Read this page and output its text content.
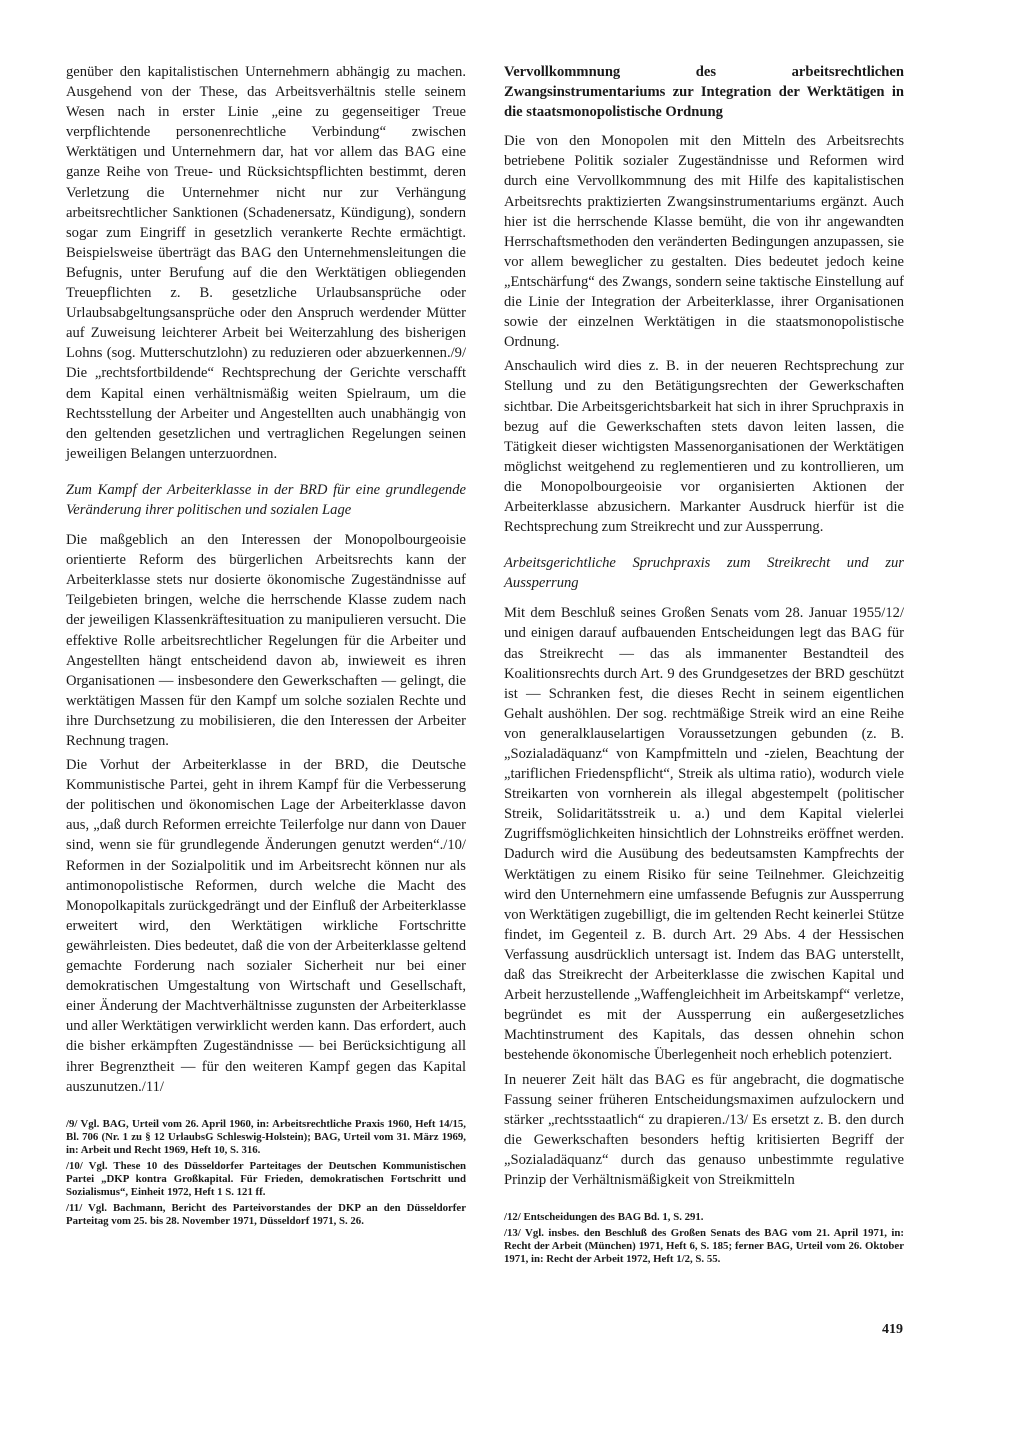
genüber den kapitalistischen Unternehmern abhängig zu machen. Ausgehend von der These, das Arbeitsverhältnis stelle seinem Wesen nach in erster Linie „eine zu gegenseitiger Treue verpflichtende personenrechtliche Verbindung“ zwischen Werktätigen und Unternehmern dar, hat vor allem das BAG eine ganze Reihe von Treue- und Rücksichtspflichten bestimmt, deren Verletzung die Unternehmer nicht nur zur Verhängung arbeitsrechtlicher Sanktionen (Schadenersatz, Kündigung), sondern sogar zum Eingriff in gesetzlich verankerte Rechte ermächtigt. Beispielsweise überträgt das BAG den Unternehmensleitungen die Befugnis, unter Berufung auf die den Werktätigen obliegenden Treuepflichten z. B. gesetzliche Urlaubsansprüche oder Urlaubsabgeltungsansprüche oder den Anspruch werdender Mütter auf Zuweisung leichterer Arbeit bei Weiterzahlung des bisherigen Lohns (sog. Mutterschutzlohn) zu reduzieren oder abzuerkennen./9/ Die „rechtsfortbildende“ Rechtsprechung der Gerichte verschafft dem Kapital einen verhältnismäßig weiten Spielraum, um die Rechtsstellung der Arbeiter und Angestellten auch unabhängig von den geltenden gesetzlichen und vertraglichen Regelungen seinen jeweiligen Belangen unterzuordnen.

Zum Kampf der Arbeiterklasse in der BRD für eine grundlegende Veränderung ihrer politischen und sozialen Lage

Die maßgeblich an den Interessen der Monopolbourgeoisie orientierte Reform des bürgerlichen Arbeitsrechts kann der Arbeiterklasse stets nur dosierte ökonomische Zugeständnisse auf Teilgebieten bringen, welche die herrschende Klasse zudem nach der jeweiligen Klassenkräftesituation zu manipulieren versucht. Die effektive Rolle arbeitsrechtlicher Regelungen für die Arbeiter und Angestellten hängt entscheidend davon ab, inwieweit es ihren Organisationen — insbesondere den Gewerkschaften — gelingt, die werktätigen Massen für den Kampf um solche sozialen Rechte und ihre Durchsetzung zu mobilisieren, die den Interessen der Arbeiter Rechnung tragen.

Die Vorhut der Arbeiterklasse in der BRD, die Deutsche Kommunistische Partei, geht in ihrem Kampf für die Verbesserung der politischen und ökonomischen Lage der Arbeiterklasse davon aus, „daß durch Reformen erreichte Teilerfolge nur dann von Dauer sind, wenn sie für grundlegende Änderungen genutzt werden“./10/ Reformen in der Sozialpolitik und im Arbeitsrecht können nur als antimonopolistische Reformen, durch welche die Macht des Monopolkapitals zurückgedrängt und der Einfluß der Arbeiterklasse erweitert wird, den Werktätigen wirkliche Fortschritte gewährleisten. Dies bedeutet, daß die von der Arbeiterklasse geltend gemachte Forderung nach sozialer Sicherheit nur bei einer demokratischen Umgestaltung von Wirtschaft und Gesellschaft, einer Änderung der Machtverhältnisse zugunsten der Arbeiterklasse und aller Werktätigen verwirklicht werden kann. Das erfordert, auch die bisher erkämpften Zugeständnisse — bei Berücksichtigung all ihrer Begrenztheit — für den weiteren Kampf gegen das Kapital auszunutzen./11/

/9/ Vgl. BAG, Urteil vom 26. April 1960, in: Arbeitsrechtliche Praxis 1960, Heft 14/15, Bl. 706 (Nr. 1 zu § 12 UrlaubsG Schleswig-Holstein); BAG, Urteil vom 31. März 1969, in: Arbeit und Recht 1969, Heft 10, S. 316.

/10/ Vgl. These 10 des Düsseldorfer Parteitages der Deutschen Kommunistischen Partei „DKP kontra Großkapital. Für Frieden, demokratischen Fortschritt und Sozialismus“, Einheit 1972, Heft 1 S. 121 ff.

/11/ Vgl. Bachmann, Bericht des Parteivorstandes der DKP an den Düsseldorfer Parteitag vom 25. bis 28. November 1971, Düsseldorf 1971, S. 26.

Vervollkommnung des arbeitsrechtlichen Zwangsinstrumentariums zur Integration der Werktätigen in die staatsmonopolistische Ordnung

Die von den Monopolen mit den Mitteln des Arbeitsrechts betriebene Politik sozialer Zugeständnisse und Reformen wird durch eine Vervollkommnung des mit Hilfe des kapitalistischen Arbeitsrechts praktizierten Zwangsinstrumentariums ergänzt. Auch hier ist die herrschende Klasse bemüht, die von ihr angewandten Herrschaftsmethoden den veränderten Bedingungen anzupassen, sie vor allem beweglicher zu gestalten. Dies bedeutet jedoch keine „Entschärfung“ des Zwangs, sondern seine taktische Einstellung auf die Linie der Integration der Arbeiterklasse, ihrer Organisationen sowie der einzelnen Werktätigen in die staatsmonopolistische Ordnung.

Anschaulich wird dies z. B. in der neueren Rechtsprechung zur Stellung und zu den Betätigungsrechten der Gewerkschaften sichtbar. Die Arbeitsgerichtsbarkeit hat sich in ihrer Spruchpraxis in bezug auf die Gewerkschaften stets davon leiten lassen, die Tätigkeit dieser wichtigsten Massenorganisationen der Werktätigen möglichst weitgehend zu reglementieren und zu kontrollieren, um die Monopolbourgeoisie vor organisierten Aktionen der Arbeiterklasse abzusichern. Markanter Ausdruck hierfür ist die Rechtsprechung zum Streikrecht und zur Aussperrung.

Arbeitsgerichtliche Spruchpraxis zum Streikrecht und zur Aussperrung

Mit dem Beschluß seines Großen Senats vom 28. Januar 1955/12/ und einigen darauf aufbauenden Entscheidungen legt das BAG für das Streikrecht — das als immanenter Bestandteil des Koalitionsrechts durch Art. 9 des Grundgesetzes der BRD geschützt ist — Schranken fest, die dieses Recht in seinem eigentlichen Gehalt aushöhlen. Der sog. rechtmäßige Streik wird an eine Reihe von generalklauselartigen Voraussetzungen gebunden (z. B. „Sozialadäquanz“ von Kampfmitteln und -zielen, Beachtung der „tariflichen Friedenspflicht“, Streik als ultima ratio), wodurch viele Streikarten von vornherein als illegal abgestempelt (politischer Streik, Solidaritätsstreik u. a.) und dem Kapital vielerlei Zugriffsmöglichkeiten hinsichtlich der Lohnstreiks eröffnet werden. Dadurch wird die Ausübung des bedeutsamsten Kampfrechts der Werktätigen zu einem Risiko für seine Teilnehmer. Gleichzeitig wird den Unternehmern eine umfassende Befugnis zur Aussperrung von Werktätigen zugebilligt, die im geltenden Recht keinerlei Stütze findet, im Gegenteil z. B. durch Art. 29 Abs. 4 der Hessischen Verfassung ausdrücklich untersagt ist. Indem das BAG unterstellt, daß das Streikrecht der Arbeiterklasse die zwischen Kapital und Arbeit herzustellende „Waffengleichheit im Arbeitskampf“ verletze, begründet es mit der Aussperrung ein außergesetzliches Machtinstrument des Kapitals, das dessen ohnehin schon bestehende ökonomische Überlegenheit noch erheblich potenziert.

In neuerer Zeit hält das BAG es für angebracht, die dogmatische Fassung seiner früheren Entscheidungsmaximen aufzulockern und stärker „rechtsstaatlich“ zu drapieren./13/ Es ersetzt z. B. den durch die Gewerkschaften besonders heftig kritisierten Begriff der „Sozialadäquanz“ durch das genauso unbestimmte regulative Prinzip der Verhältnismäßigkeit von Streikmitteln

/12/ Entscheidungen des BAG Bd. 1, S. 291.

/13/ Vgl. insbes. den Beschluß des Großen Senats des BAG vom 21. April 1971, in: Recht der Arbeit (München) 1971, Heft 6, S. 185; ferner BAG, Urteil vom 26. Oktober 1971, in: Recht der Arbeit 1972, Heft 1/2, S. 55.

419
